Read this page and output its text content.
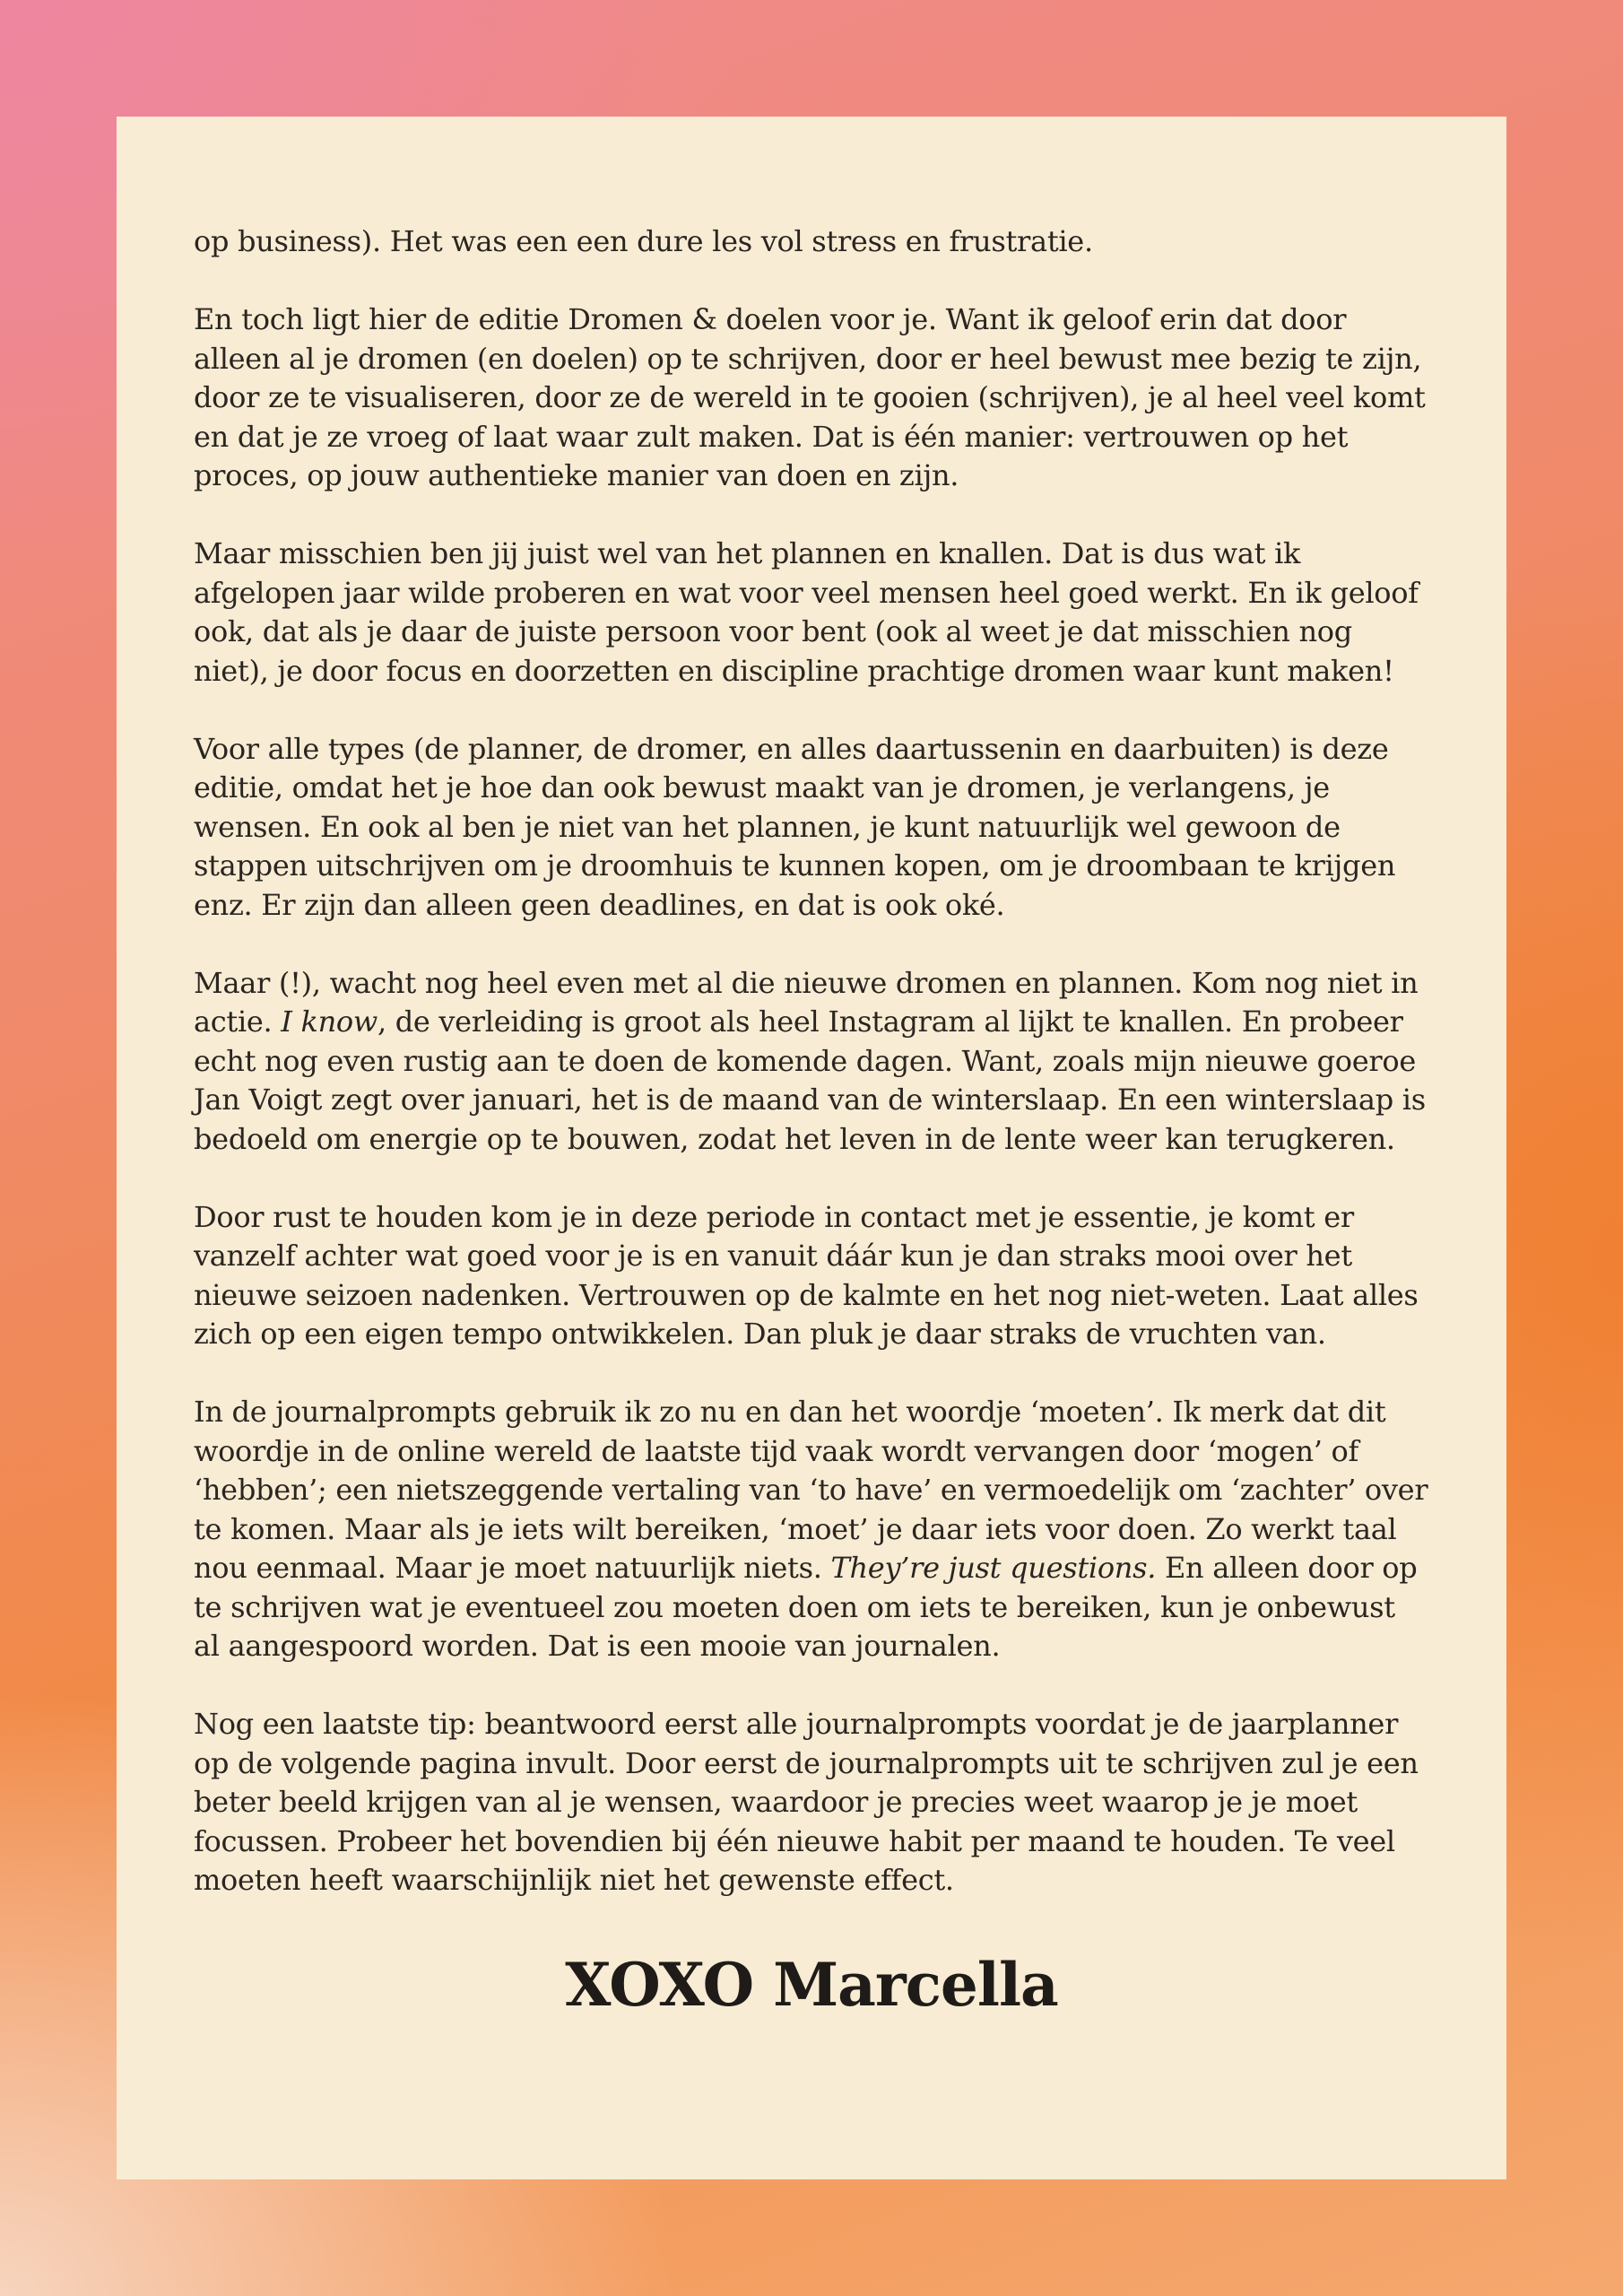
op business). Het was een een dure les vol stress en frustratie.

En toch ligt hier de editie Dromen & doelen voor je. Want ik geloof erin dat door alleen al je dromen (en doelen) op te schrijven, door er heel bewust mee bezig te zijn, door ze te visualiseren, door ze de wereld in te gooien (schrijven), je al heel veel komt en dat je ze vroeg of laat waar zult maken. Dat is één manier: vertrouwen op het proces, op jouw authentieke manier van doen en zijn.

Maar misschien ben jij juist wel van het plannen en knallen. Dat is dus wat ik afgelopen jaar wilde proberen en wat voor veel mensen heel goed werkt. En ik geloof ook, dat als je daar de juiste persoon voor bent (ook al weet je dat misschien nog niet), je door focus en doorzetten en discipline prachtige dromen waar kunt maken!

Voor alle types (de planner, de dromer, en alles daartussenin en daarbuiten) is deze editie, omdat het je hoe dan ook bewust maakt van je dromen, je verlangens, je wensen. En ook al ben je niet van het plannen, je kunt natuurlijk wel gewoon de stappen uitschrijven om je droomhuis te kunnen kopen, om je droombaan te krijgen enz. Er zijn dan alleen geen deadlines, en dat is ook oké.

Maar (!), wacht nog heel even met al die nieuwe dromen en plannen. Kom nog niet in actie. I know, de verleiding is groot als heel Instagram al lijkt te knallen. En probeer echt nog even rustig aan te doen de komende dagen. Want, zoals mijn nieuwe goeroe Jan Voigt zegt over januari, het is de maand van de winterslaap. En een winterslaap is bedoeld om energie op te bouwen, zodat het leven in de lente weer kan terugkeren.

Door rust te houden kom je in deze periode in contact met je essentie, je komt er vanzelf achter wat goed voor je is en vanuit dáár kun je dan straks mooi over het nieuwe seizoen nadenken. Vertrouwen op de kalmte en het nog niet-weten. Laat alles zich op een eigen tempo ontwikkelen. Dan pluk je daar straks de vruchten van.

In de journalprompts gebruik ik zo nu en dan het woordje ‘moeten’. Ik merk dat dit woordje in de online wereld de laatste tijd vaak wordt vervangen door ‘mogen’ of ‘hebben’; een nietszeggende vertaling van ‘to have’ en vermoedelijk om ‘zachter’ over te komen. Maar als je iets wilt bereiken, ‘moet’ je daar iets voor doen. Zo werkt taal nou eenmaal. Maar je moet natuurlijk niets. They’re just questions. En alleen door op te schrijven wat je eventueel zou moeten doen om iets te bereiken, kun je onbewust al aangespoord worden. Dat is een mooie van journalen.

Nog een laatste tip: beantwoord eerst alle journalprompts voordat je de jaarplanner op de volgende pagina invult. Door eerst de journalprompts uit te schrijven zul je een beter beeld krijgen van al je wensen, waardoor je precies weet waarop je je moet focussen. Probeer het bovendien bij één nieuwe habit per maand te houden. Te veel moeten heeft waarschijnlijk niet het gewenste effect.

XOXO Marcella
